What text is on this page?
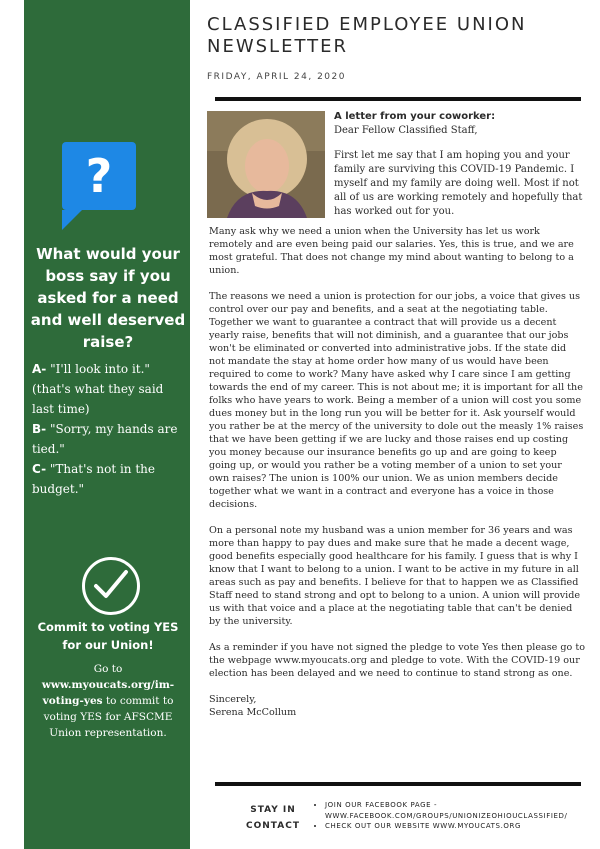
?
What would your boss say if you asked for a need and well deserved raise?

A- "I'll look into it." (that's what they said last time)

B- "Sorry, my hands are tied."

C- "That's not in the budget."

Commit to voting YES for our Union!
Go to
www.myoucats.org/im-voting-yes to commit to voting YES for AFSCME Union representation.
CLASSIFIED EMPLOYEE UNION NEWSLETTER
FRIDAY, APRIL 24, 2020
A letter from your coworker:

Dear Fellow Classified Staff,

First let me say that I am hoping you and your family are surviving this COVID-19 Pandemic. I myself and my family are doing well. Most if not all of us are working remotely and hopefully that has worked out for you.

Many ask why we need a union when the University has let us work remotely and are even being paid our salaries. Yes, this is true, and we are most grateful. That does not change my mind about wanting to belong to a union.

The reasons we need a union is protection for our jobs, a voice that gives us control over our pay and benefits, and a seat at the negotiating table. Together we want to guarantee a contract that will provide us a decent yearly raise, benefits that will not diminish, and a guarantee that our jobs won't be eliminated or converted into administrative jobs. If the state did not mandate the stay at home order how many of us would have been required to come to work? Many have asked why I care since I am getting towards the end of my career. This is not about me; it is important for all the folks who have years to work. Being a member of a union will cost you some dues money but in the long run you will be better for it. Ask yourself would you rather be at the mercy of the university to dole out the measly 1% raises that we have been getting if we are lucky and those raises end up costing you money because our insurance benefits go up and are going to keep going up, or would you rather be a voting member of a union to set your own raises? The union is 100% our union. We as union members decide together what we want in a contract and everyone has a voice in those decisions.

On a personal note my husband was a union member for 36 years and was more than happy to pay dues and make sure that he made a decent wage, good benefits especially good healthcare for his family. I guess that is why I know that I want to belong to a union. I want to be active in my future in all areas such as pay and benefits. I believe for that to happen we as Classified Staff need to stand strong and opt to belong to a union. A union will provide us with that voice and a place at the negotiating table that can't be denied by the university.

As a reminder if you have not signed the pledge to vote Yes then please go to the webpage www.myoucats.org and pledge to vote. With the COVID-19 our election has been delayed and we need to continue to stand strong as one.

Sincerely,
Serena McCollum

STAY IN
CONTACT
• JOIN OUR FACEBOOK PAGE - WWW.FACEBOOK.COM/GROUPS/UNIONIZEOHIOUCLASSIFIED/
• CHECK OUT OUR WEBSITE WWW.MYOUCATS.ORG
